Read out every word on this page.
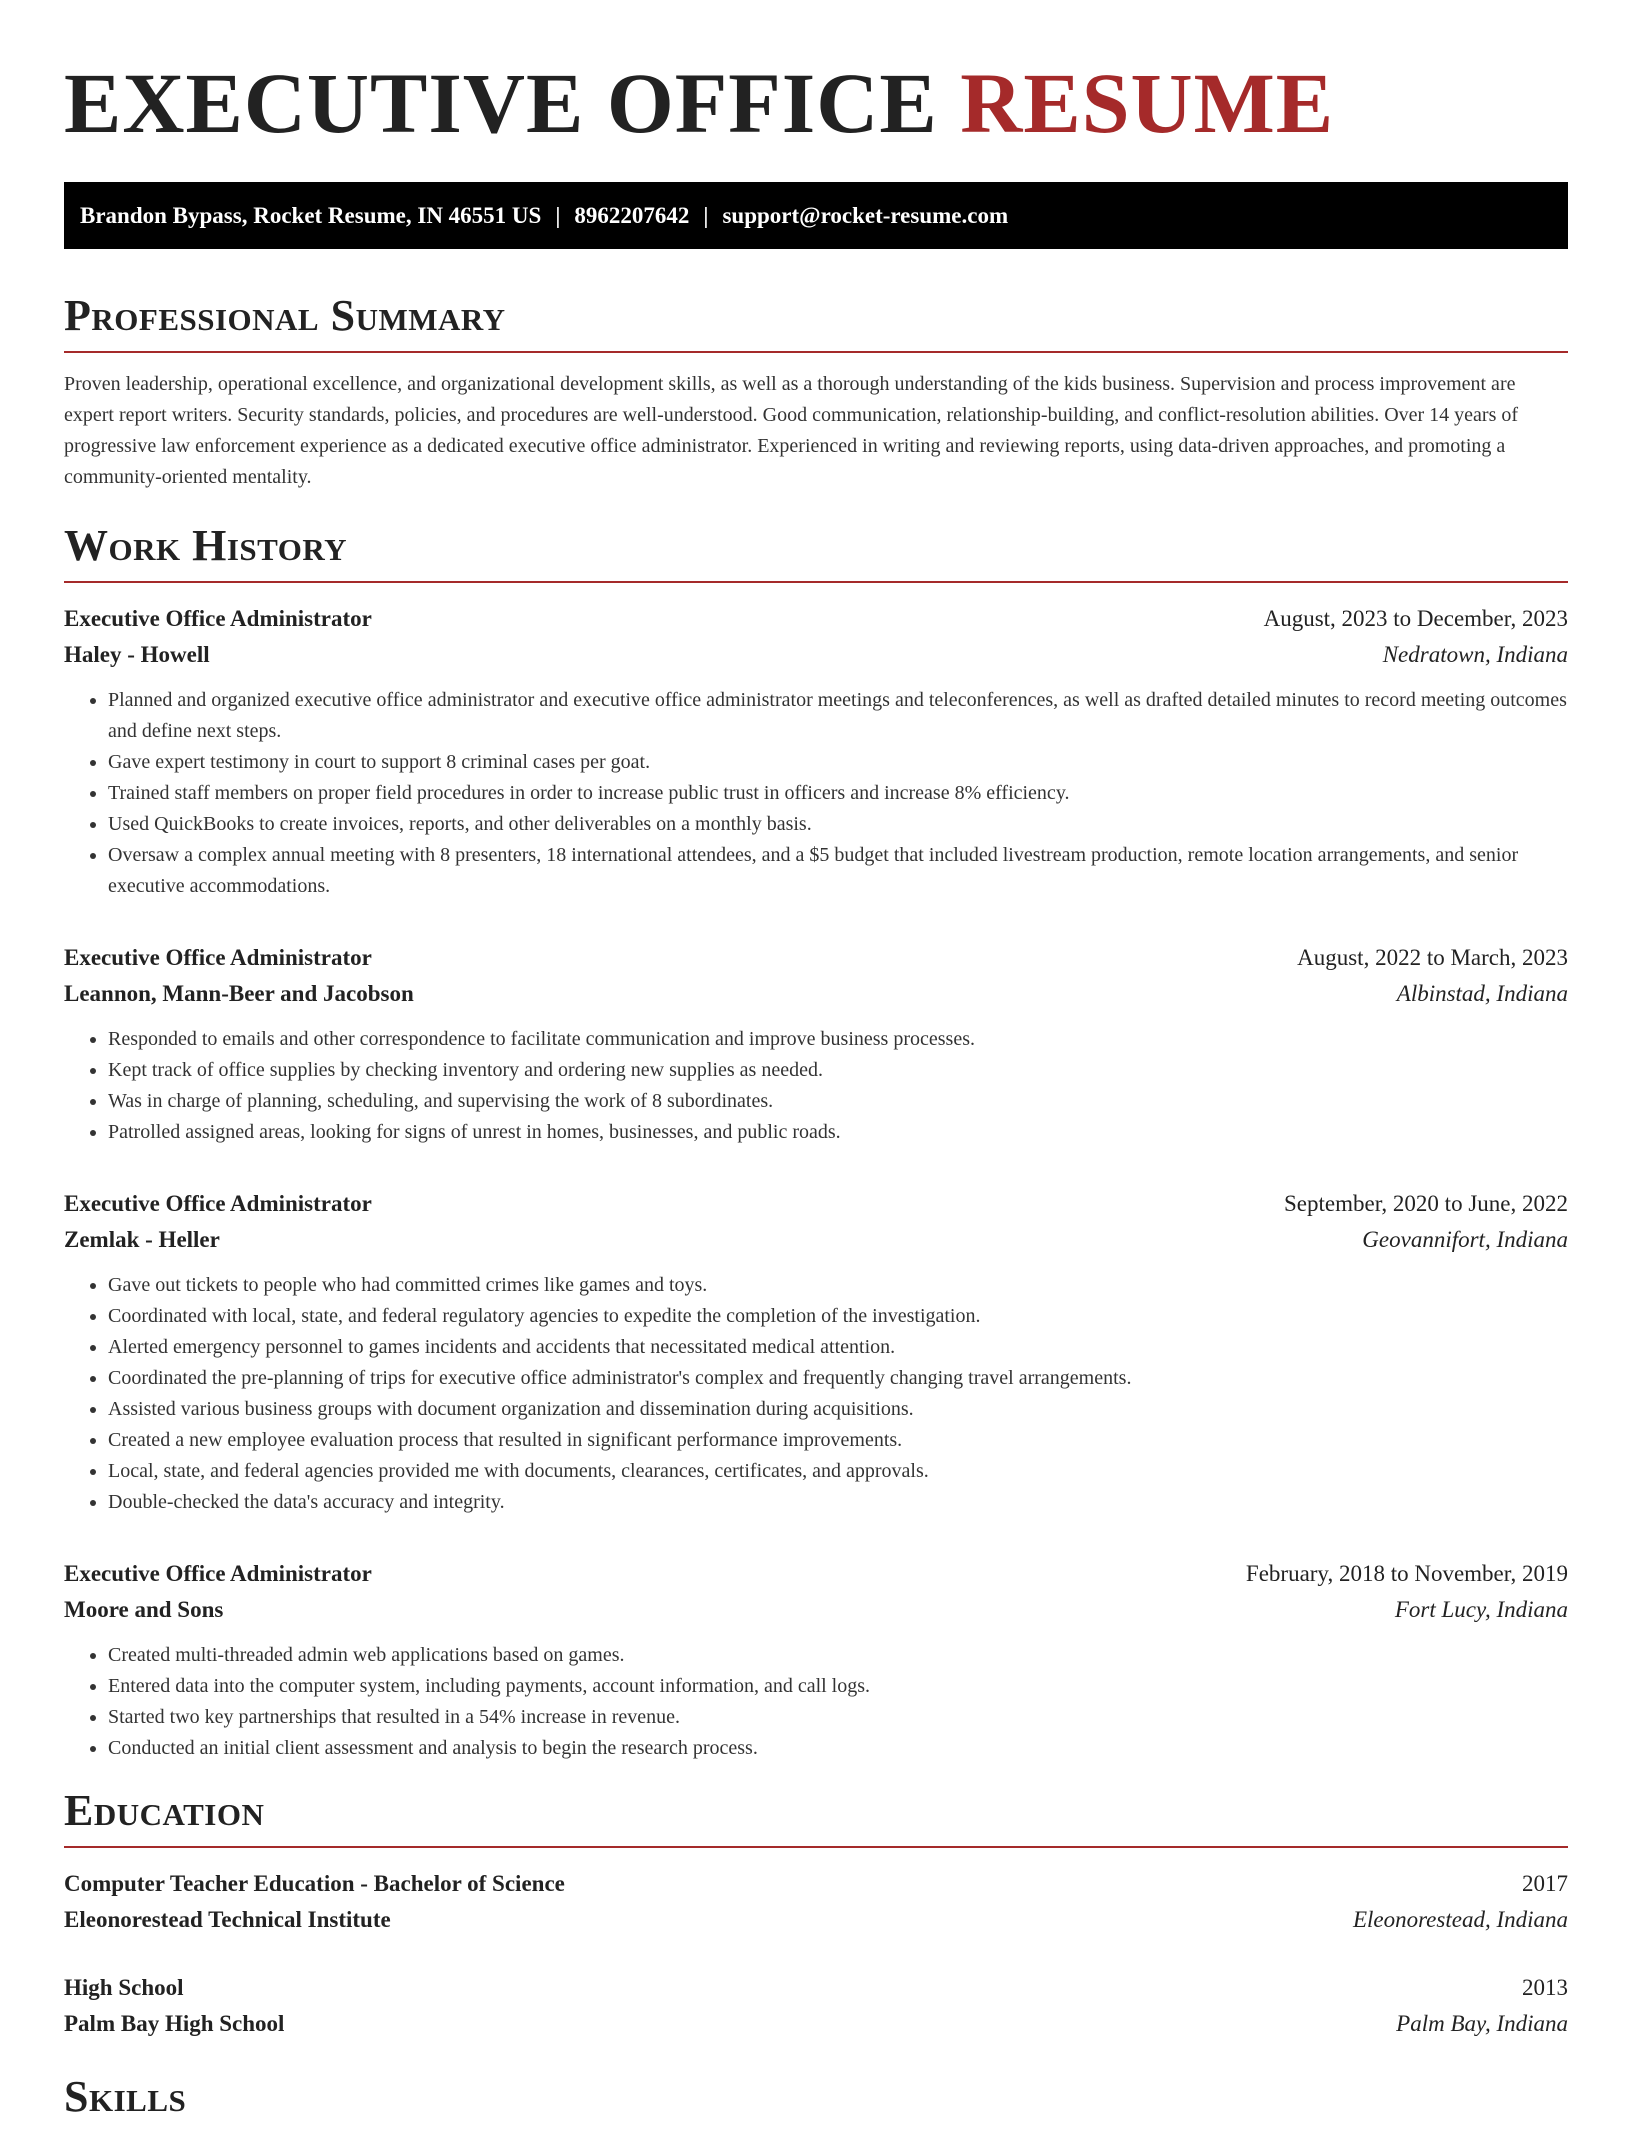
EXECUTIVE OFFICE RESUME
Brandon Bypass, Rocket Resume, IN 46551 US | 8962207642 | support@rocket-resume.com
Professional Summary

Proven leadership, operational excellence, and organizational development skills, as well as a thorough understanding of the kids business. Supervision and process improvement are expert report writers. Security standards, policies, and procedures are well-understood. Good communication, relationship-building, and conflict-resolution abilities. Over 14 years of progressive law enforcement experience as a dedicated executive office administrator. Experienced in writing and reviewing reports, using data-driven approaches, and promoting a community-oriented mentality.

Work History
Executive Office Administrator	August, 2023 to December, 2023
Haley - Howell	Nedratown, Indiana
• Planned and organized executive office administrator and executive office administrator meetings and teleconferences, as well as drafted detailed minutes to record meeting outcomes and define next steps.
• Gave expert testimony in court to support 8 criminal cases per goat.
• Trained staff members on proper field procedures in order to increase public trust in officers and increase 8% efficiency.
• Used QuickBooks to create invoices, reports, and other deliverables on a monthly basis.
• Oversaw a complex annual meeting with 8 presenters, 18 international attendees, and a $5 budget that included livestream production, remote location arrangements, and senior executive accommodations.
Executive Office Administrator	August, 2022 to March, 2023
Leannon, Mann-Beer and Jacobson	Albinstad, Indiana
• Responded to emails and other correspondence to facilitate communication and improve business processes.
• Kept track of office supplies by checking inventory and ordering new supplies as needed.
• Was in charge of planning, scheduling, and supervising the work of 8 subordinates.
• Patrolled assigned areas, looking for signs of unrest in homes, businesses, and public roads.
Executive Office Administrator	September, 2020 to June, 2022
Zemlak - Heller	Geovannifort, Indiana
• Gave out tickets to people who had committed crimes like games and toys.
• Coordinated with local, state, and federal regulatory agencies to expedite the completion of the investigation.
• Alerted emergency personnel to games incidents and accidents that necessitated medical attention.
• Coordinated the pre-planning of trips for executive office administrator's complex and frequently changing travel arrangements.
• Assisted various business groups with document organization and dissemination during acquisitions.
• Created a new employee evaluation process that resulted in significant performance improvements.
• Local, state, and federal agencies provided me with documents, clearances, certificates, and approvals.
• Double-checked the data's accuracy and integrity.
Executive Office Administrator	February, 2018 to November, 2019
Moore and Sons	Fort Lucy, Indiana
• Created multi-threaded admin web applications based on games.
• Entered data into the computer system, including payments, account information, and call logs.
• Started two key partnerships that resulted in a 54% increase in revenue.
• Conducted an initial client assessment and analysis to begin the research process.
Education
Computer Teacher Education - Bachelor of Science	2017
Eleonorestead Technical Institute	Eleonorestead, Indiana
High School	2013
Palm Bay High School	Palm Bay, Indiana
Skills
